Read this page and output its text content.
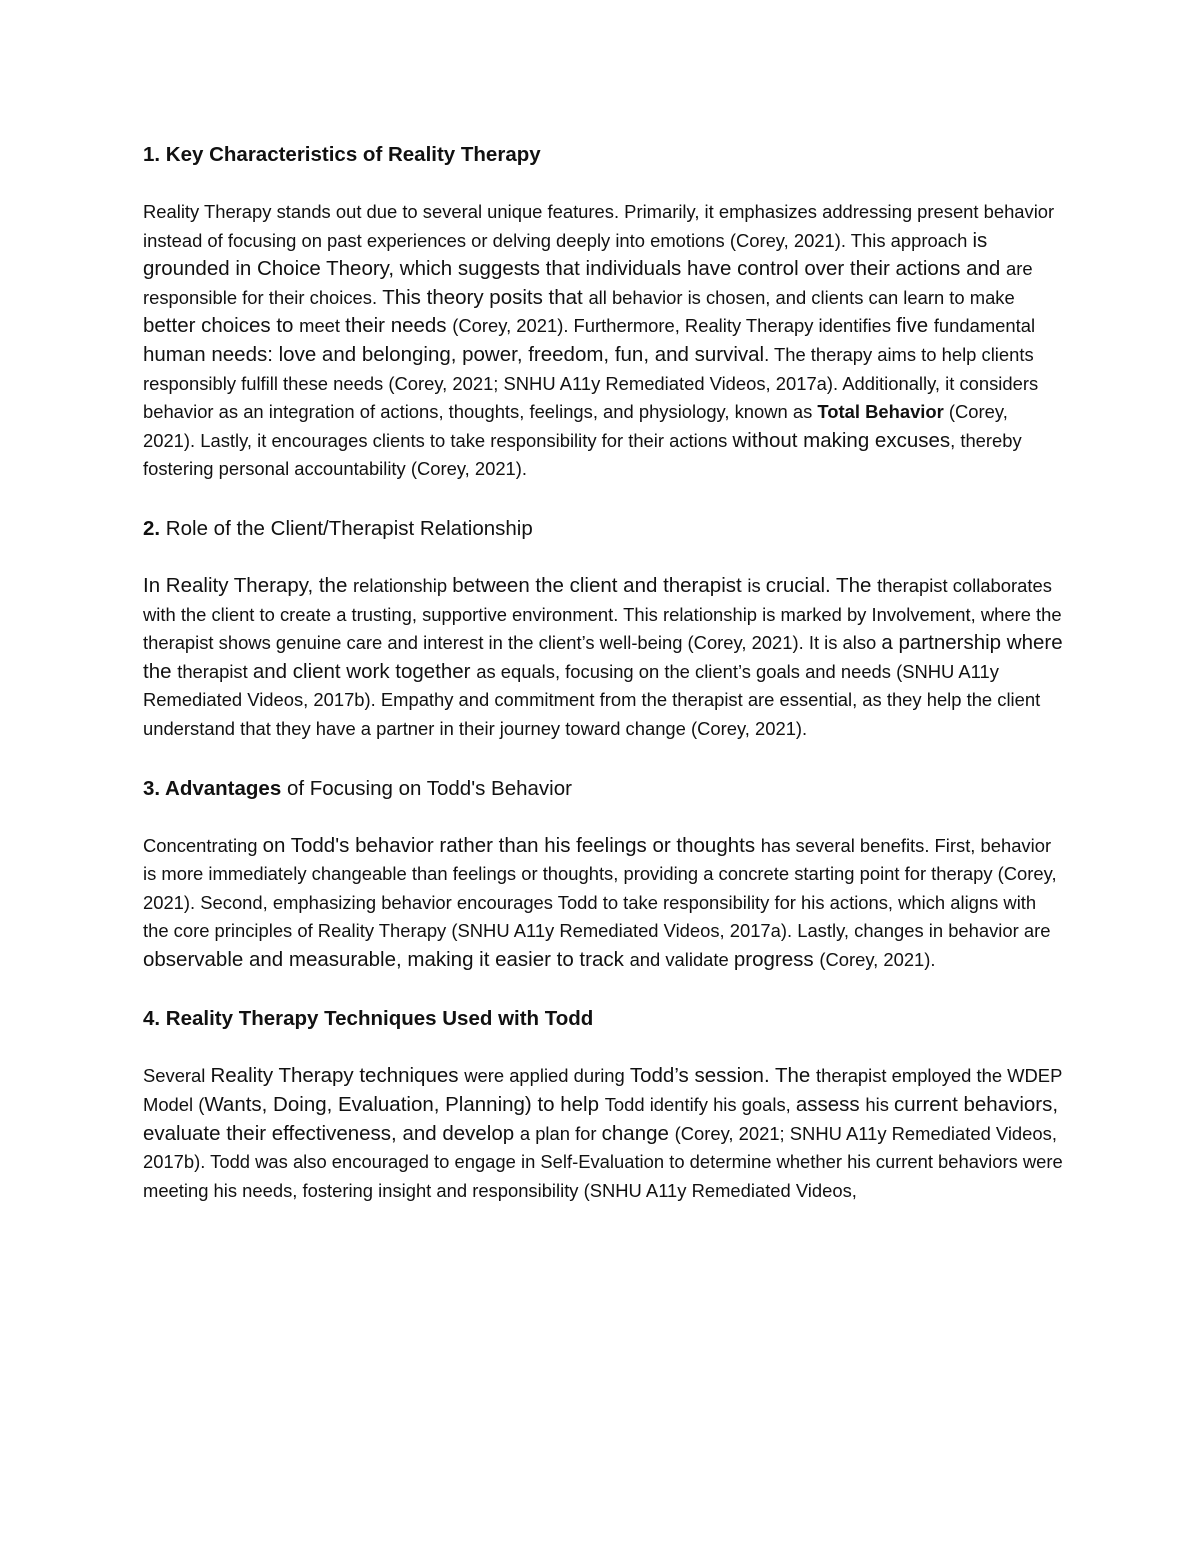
1. Key Characteristics of Reality Therapy

Reality Therapy stands out due to several unique features. Primarily, it emphasizes addressing present behavior instead of focusing on past experiences or delving deeply into emotions (Corey, 2021). This approach is grounded in Choice Theory, which suggests that individuals have control over their actions and are responsible for their choices. This theory posits that all behavior is chosen, and clients can learn to make better choices to meet their needs (Corey, 2021). Furthermore, Reality Therapy identifies five fundamental human needs: love and belonging, power, freedom, fun, and survival. The therapy aims to help clients responsibly fulfill these needs (Corey, 2021; SNHU A11y Remediated Videos, 2017a). Additionally, it considers behavior as an integration of actions, thoughts, feelings, and physiology, known as Total Behavior (Corey, 2021). Lastly, it encourages clients to take responsibility for their actions without making excuses, thereby fostering personal accountability (Corey, 2021).

2. Role of the Client/Therapist Relationship

In Reality Therapy, the relationship between the client and therapist is crucial. The therapist collaborates with the client to create a trusting, supportive environment. This relationship is marked by Involvement, where the therapist shows genuine care and interest in the client’s well-being (Corey, 2021). It is also a partnership where the therapist and client work together as equals, focusing on the client’s goals and needs (SNHU A11y Remediated Videos, 2017b). Empathy and commitment from the therapist are essential, as they help the client understand that they have a partner in their journey toward change (Corey, 2021).

3. Advantages of Focusing on Todd's Behavior

Concentrating on Todd's behavior rather than his feelings or thoughts has several benefits. First, behavior is more immediately changeable than feelings or thoughts, providing a concrete starting point for therapy (Corey, 2021). Second, emphasizing behavior encourages Todd to take responsibility for his actions, which aligns with the core principles of Reality Therapy (SNHU A11y Remediated Videos, 2017a). Lastly, changes in behavior are observable and measurable, making it easier to track and validate progress (Corey, 2021).

4. Reality Therapy Techniques Used with Todd

Several Reality Therapy techniques were applied during Todd’s session. The therapist employed the WDEP Model (Wants, Doing, Evaluation, Planning) to help Todd identify his goals, assess his current behaviors, evaluate their effectiveness, and develop a plan for change (Corey, 2021; SNHU A11y Remediated Videos, 2017b). Todd was also encouraged to engage in Self-Evaluation to determine whether his current behaviors were meeting his needs, fostering insight and responsibility (SNHU A11y Remediated Videos,
